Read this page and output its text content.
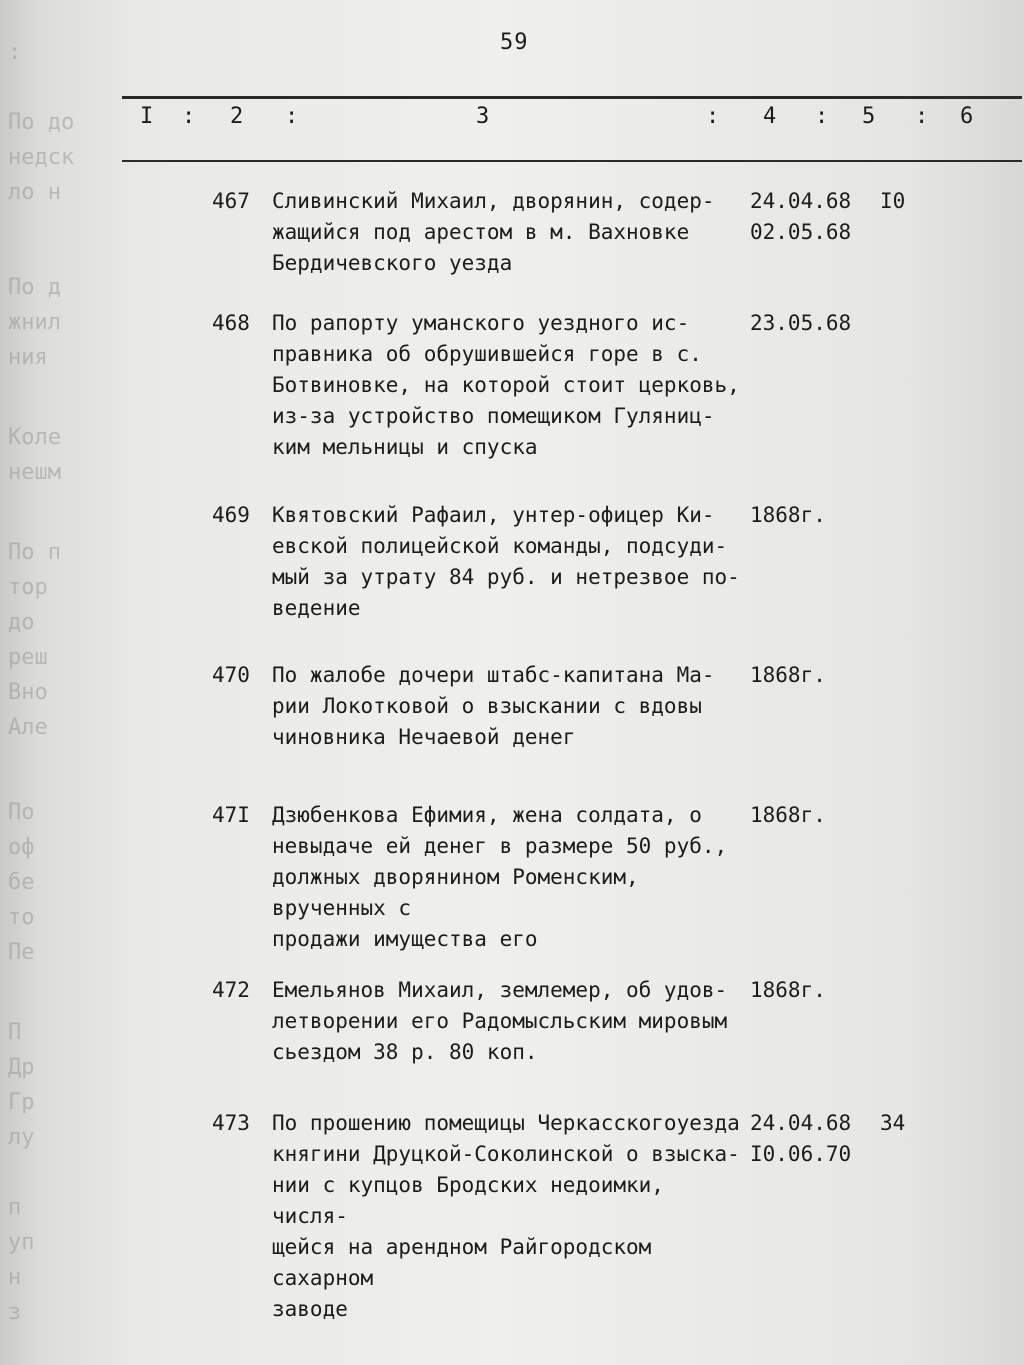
:
По до
недск
ло н
По д
жнил
ния
Коле
нешм
По п
тор
до
реш
Вно
Але
По
оф
бе
то
Пе
П
Др
Гр
лу
п
уп
н
з
59
I : 2 :	3	: 4 : 5 : 6
467 Сливинский Михаил, дворянин, содер-
жащийся под арестом в м. Вахновке
Бердичевского уезда
24.04.68
02.05.68
I0
468 По рапорту уманского уездного ис-
правника об обрушившейся горе в с.
Ботвиновке, на которой стоит церковь,
из-за устройство помещиком Гуляниц-
ким мельницы и спуска
23.05.68
469 Квятовский Рафаил, унтер-офицер Ки-
евской полицейской команды, подсуди-
мый за утрату 84 руб. и нетрезвое по-
ведение
1868г.
470 По жалобе дочери штабс-капитана Ма-
рии Локотковой о взыскании с вдовы
чиновника Нечаевой денег
1868г.
47I Дзюбенкова Ефимия, жена солдата, о
невыдаче ей денег в размере 50 руб.,
должных дворянином Роменским, врученных с
продажи имущества его
1868г.
472 Емельянов Михаил, землемер, об удов-
летворении его Радомысльским мировым
сьездом 38 р. 80 коп.
1868г.
473 По прошению помещицы Черкасскогоуезда
княгини Друцкой-Соколинской о взыска-
нии с купцов Бродских недоимки, числя-
щейся на арендном Райгородском сахарном
заводе
24.04.68
I0.06.70
34
